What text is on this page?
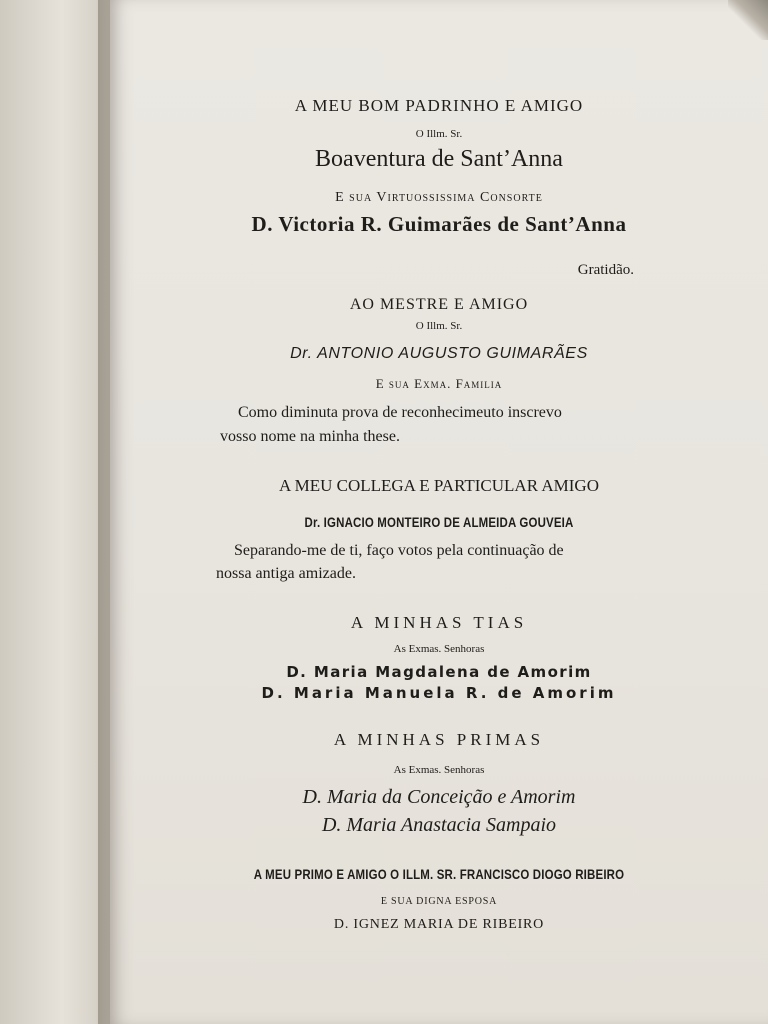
A MEU BOM PADRINHO E AMIGO
O Illm. Sr.
Boaventura de Sant’Anna
E sua Virtuossissima Consorte
D. Victoria R. Guimarães de Sant’Anna
Gratidão.
AO MESTRE E AMIGO
O Illm. Sr.
Dr. ANTONIO AUGUSTO GUIMARÃES
E sua Exma. Familia
Como diminuta prova de reconhecimeuto inscrevo
vosso nome na minha these.
A MEU COLLEGA E PARTICULAR AMIGO
Dr. IGNACIO MONTEIRO DE ALMEIDA GOUVEIA
Separando-me de ti, faço votos pela continuação de
nossa antiga amizade.
A MINHAS TIAS
As Exmas. Senhoras
D. Maria Magdalena de Amorim
D. Maria Manuela R. de Amorim
A MINHAS PRIMAS
As Exmas. Senhoras
D. Maria da Conceição e Amorim
D. Maria Anastacia Sampaio
A MEU PRIMO E AMIGO O ILLM. SR. FRANCISCO DIOGO RIBEIRO
E SUA DIGNA ESPOSA
D. IGNEZ MARIA DE RIBEIRO
